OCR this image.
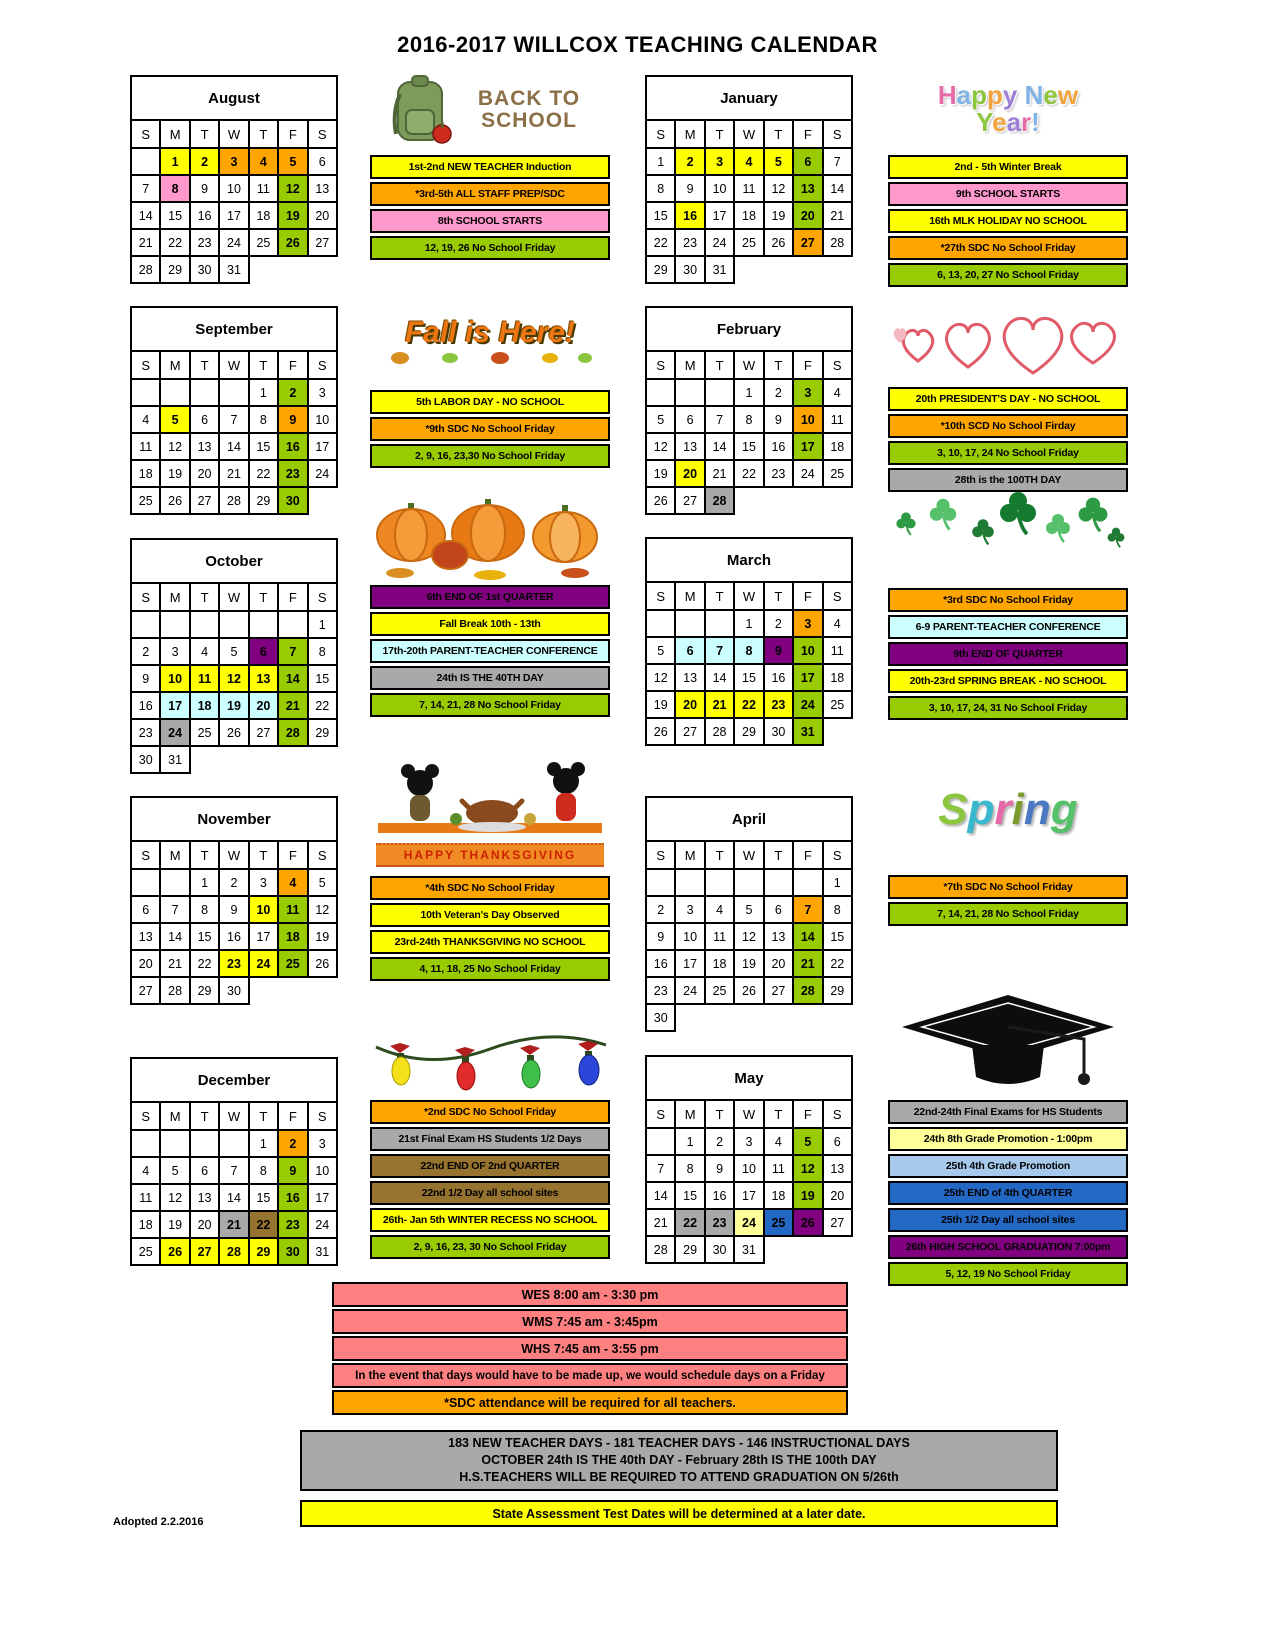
2016-2017 WILLCOX TEACHING CALENDAR
August						
S	M	T	W	T	F	S
	1	2	3	4	5	6
7	8	9	10	11	12	13
14	15	16	17	18	19	20
21	22	23	24	25	26	27
28	29	30	31			
BACK TO SCHOOL
1st-2nd NEW TEACHER Induction
*3rd-5th ALL STAFF PREP/SDC
8th SCHOOL STARTS
12, 19, 26 No School Friday
September						
S	M	T	W	T	F	S
				1	2	3
4	5	6	7	8	9	10
11	12	13	14	15	16	17
18	19	20	21	22	23	24
25	26	27	28	29	30	
Fall is Here!
5th LABOR DAY - NO SCHOOL
*9th SDC No School Friday
2, 9, 16, 23,30 No School Friday
October						
S	M	T	W	T	F	S
						1
2	3	4	5	6	7	8
9	10	11	12	13	14	15
16	17	18	19	20	21	22
23	24	25	26	27	28	29
30	31					
6th END OF 1st QUARTER
Fall Break 10th - 13th
17th-20th PARENT-TEACHER CONFERENCE
24th IS THE 40TH DAY
7, 14, 21, 28 No School Friday
November						
S	M	T	W	T	F	S
		1	2	3	4	5
6	7	8	9	10	11	12
13	14	15	16	17	18	19
20	21	22	23	24	25	26
27	28	29	30			
HAPPY THANKSGIVING
*4th SDC No School Friday
10th Veteran's Day Observed
23rd-24th THANKSGIVING NO SCHOOL
4, 11, 18, 25 No School Friday
December						
S	M	T	W	T	F	S
				1	2	3
4	5	6	7	8	9	10
11	12	13	14	15	16	17
18	19	20	21	22	23	24
25	26	27	28	29	30	31
*2nd SDC No School Friday
21st Final Exam HS Students 1/2 Days
22nd END OF 2nd QUARTER
22nd 1/2 Day all school sites
26th- Jan 5th WINTER RECESS NO SCHOOL
2, 9, 16, 23, 30 No School Friday
January						
S	M	T	W	T	F	S
1	2	3	4	5	6	7
8	9	10	11	12	13	14
15	16	17	18	19	20	21
22	23	24	25	26	27	28
29	30	31				
Happy New
Year!
2nd - 5th Winter Break
9th SCHOOL STARTS
16th MLK HOLIDAY NO SCHOOL
*27th SDC No School Friday
6, 13, 20, 27 No School Friday
February						
S	M	T	W	T	F	S
			1	2	3	4
5	6	7	8	9	10	11
12	13	14	15	16	17	18
19	20	21	22	23	24	25
26	27	28				
20th PRESIDENT'S DAY - NO SCHOOL
*10th SCD No School Firday
3, 10, 17, 24 No School Friday
28th is the 100TH DAY
March						
S	M	T	W	T	F	S
			1	2	3	4
5	6	7	8	9	10	11
12	13	14	15	16	17	18
19	20	21	22	23	24	25
26	27	28	29	30	31	
*3rd SDC No School Friday
6-9 PARENT-TEACHER CONFERENCE
9th END OF QUARTER
20th-23rd SPRING BREAK - NO SCHOOL
3, 10, 17, 24, 31 No School Friday
April						
S	M	T	W	T	F	S
						1
2	3	4	5	6	7	8
9	10	11	12	13	14	15
16	17	18	19	20	21	22
23	24	25	26	27	28	29
30						
Spring
*7th SDC No School Friday
7, 14, 21, 28 No School Friday
May						
S	M	T	W	T	F	S
	1	2	3	4	5	6
7	8	9	10	11	12	13
14	15	16	17	18	19	20
21	22	23	24	25	26	27
28	29	30	31			
22nd-24th Final Exams for HS Students
24th 8th Grade Promotion - 1:00pm
25th 4th Grade Promotion
25th END of 4th QUARTER
25th 1/2 Day all school sites
26th HIGH SCHOOL GRADUATION 7:00pm
5, 12, 19 No School Friday
WES 8:00 am - 3:30 pm
WMS 7:45 am - 3:45pm
WHS 7:45 am - 3:55 pm
In the event that days would have to be made up, we would schedule days on a Friday
*SDC attendance will be required for all teachers.
183 NEW TEACHER DAYS - 181 TEACHER DAYS - 146 INSTRUCTIONAL DAYS
OCTOBER 24th IS THE 40th DAY - February 28th IS THE 100th DAY
H.S.TEACHERS WILL BE REQUIRED TO ATTEND GRADUATION ON 5/26th
State Assessment Test Dates will be determined at a later date.
Adopted 2.2.2016
